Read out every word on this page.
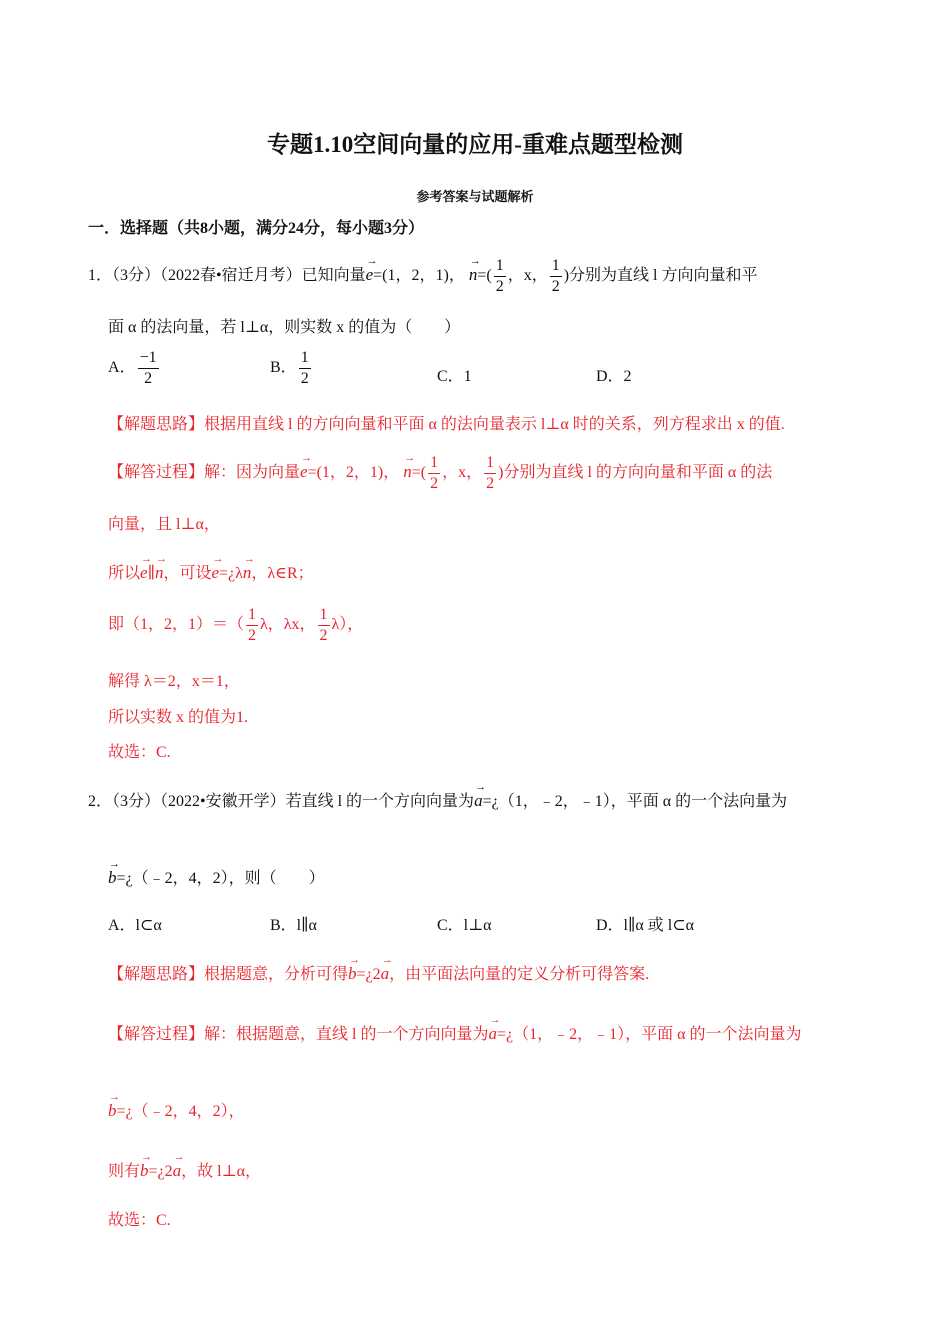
专题1.10空间向量的应用-重难点题型检测
参考答案与试题解析
一．选择题（共8小题，满分24分，每小题3分）
1．（3分）（2022春•宿迁月考）已知向量
→
e=(1，2，1)，
→
$n=( \frac{1}{2}$ ，x， $\frac{1}{2}$ )分别为直线 l 方向向量和平
面 α 的法向量，若 l⊥α，则实数 x 的值为（　　）
A． $\frac{-1}{2}$	B． $\frac{1}{2}$	C．1	D．2
【解题思路】根据用直线 l 的方向向量和平面 α 的法向量表示 l⊥α 时的关系，列方程求出 x 的值.
【解答过程】解：因为向量
→
e=(1，2，1)，
→
$n=( \frac{1}{2}$ ，x， $\frac{1}{2}$ )分别为直线 l 的方向向量和平面 α 的法
向量，且 l⊥α，
所以
→
e∥
→
n，可设
→
e=¿λ
→
n，λ∈R；
即（1，2，$1)=( \frac{1}{2}$ λ，λx， $\frac{1}{2} \lambda$），
解得 λ＝2，x＝1，
所以实数 x 的值为1.
故选：C.
2．（3分）（2022•安徽开学）若直线 l 的一个方向向量为
→
a=¿（1，﹣2，﹣1），平面 α 的一个法向量为
→
b=¿（﹣2，4，2），则（　　）
A．l⊂α	B．l∥α	C．l⊥α	D．l∥α 或 l⊂α
【解题思路】根据题意，分析可得
→
b=¿2
→
a，由平面法向量的定义分析可得答案.
【解答过程】解：根据题意，直线 l 的一个方向向量为
→
a=¿（1，﹣2，﹣1），平面 α 的一个法向量为
→
b=¿（﹣2，4，2），
则有
→
b=¿2
→
a，故 l⊥α，
故选：C.
